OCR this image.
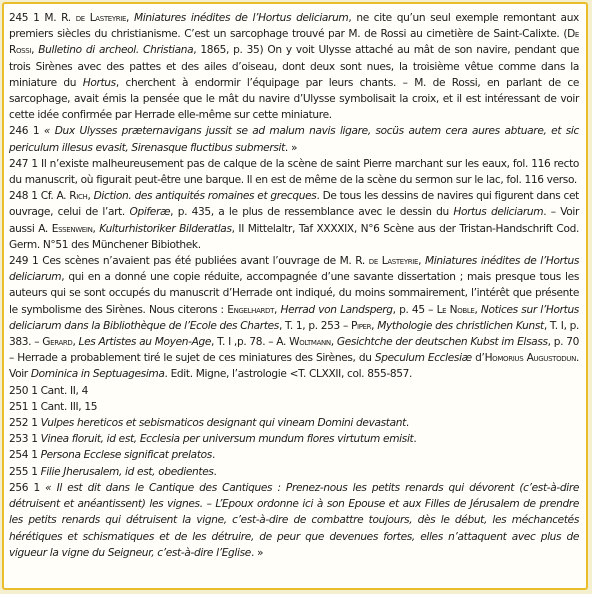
245 1 M. R. de Lasteyrie, Miniatures inédites de l’Hortus deliciarum, ne cite qu’un seul exemple remontant aux premiers siècles du christianisme. C’est un sarcophage trouvé par M. de Rossi au cimetière de Saint-Calixte. (De Rossi, Bulletino di archeol. Christiana, 1865, p. 35) On y voit Ulysse attaché au mât de son navire, pendant que trois Sirènes avec des pattes et des ailes d’oiseau, dont deux sont nues, la troisième vêtue comme dans la miniature du Hortus, cherchent à endormir l’équipage par leurs chants. – M. de Rossi, en parlant de ce sarcophage, avait émis la pensée que le mât du navire d’Ulysse symbolisait la croix, et il est intéressant de voir cette idée confirmée par Herrade elle-même sur cette miniature.

246 1 « Dux Ulysses præternavigans jussit se ad malum navis ligare, socüs autem cera aures abtuare, et sic periculum illesus evasit, Sirenasque fluctibus submersit. »

247 1 Il n’existe malheureusement pas de calque de la scène de saint Pierre marchant sur les eaux, fol. 116 recto du manuscrit, où figurait peut-être une barque. Il en est de même de la scène du sermon sur le lac, fol. 116 verso.

248 1 Cf. A. Rich, Diction. des antiquités romaines et grecques. De tous les dessins de navires qui figurent dans cet ouvrage, celui de l’art. Opiferæ, p. 435, a le plus de ressemblance avec le dessin du Hortus deliciarum. – Voir aussi A. Essenwein, Kulturhistoriker Bilderatlas, II Mittelaltr, Taf XXXXIX, N°6 Scène aus der Tristan-Handschrift Cod. Germ. N°51 des Münchener Bibiothek.

249 1 Ces scènes n’avaient pas été publiées avant l’ouvrage de M. R. de Lasteyrie, Miniatures inédites de l’Hortus deliciarum, qui en a donné une copie réduite, accompagnée d’une savante dissertation ; mais presque tous les auteurs qui se sont occupés du manuscrit d’Herrade ont indiqué, du moins sommairement, l’intérêt que présente le symbolisme des Sirènes. Nous citerons : Engelhardt, Herrad von Landsperg, p. 45 – Le Noble, Notices sur l’Hortus deliciarum dans la Bibliothèque de l’Ecole des Chartes, T. 1, p. 253 – Piper, Mythologie des christlichen Kunst, T. I, p. 383. – Gerard, Les Artistes au Moyen-Age, T. I ,p. 78. – A. Woltmann, Gesichtche der deutschen Kubst im Elsass, p. 70 – Herrade a probablement tiré le sujet de ces miniatures des Sirènes, du Speculum Ecclesiæ d’Homorius Augustodun. Voir Dominica in Septuagesima. Edit. Migne, l’astrologie <T. CLXXII, col. 855-857.

250 1 Cant. II, 4

251 1 Cant. III, 15

252 1 Vulpes hereticos et sebismaticos designant qui vineam Domini devastant.

253 1 Vinea floruit, id est, Ecclesia per universum mundum flores virtutum emisit.

254 1 Persona Ecclese significat prelatos.

255 1 Filie Jherusalem, id est, obedientes.

256 1 « Il est dit dans le Cantique des Cantiques : Prenez-nous les petits renards qui dévorent (c’est-à-dire détruisent et anéantissent) les vignes. – L’Epoux ordonne ici à son Epouse et aux Filles de Jérusalem de prendre les petits renards qui détruisent la vigne, c’est-à-dire de combattre toujours, dès le début, les méchancetés hérétiques et schismatiques et de les détruire, de peur que devenues fortes, elles n’attaquent avec plus de vigueur la vigne du Seigneur, c’est-à-dire l’Eglise. »
